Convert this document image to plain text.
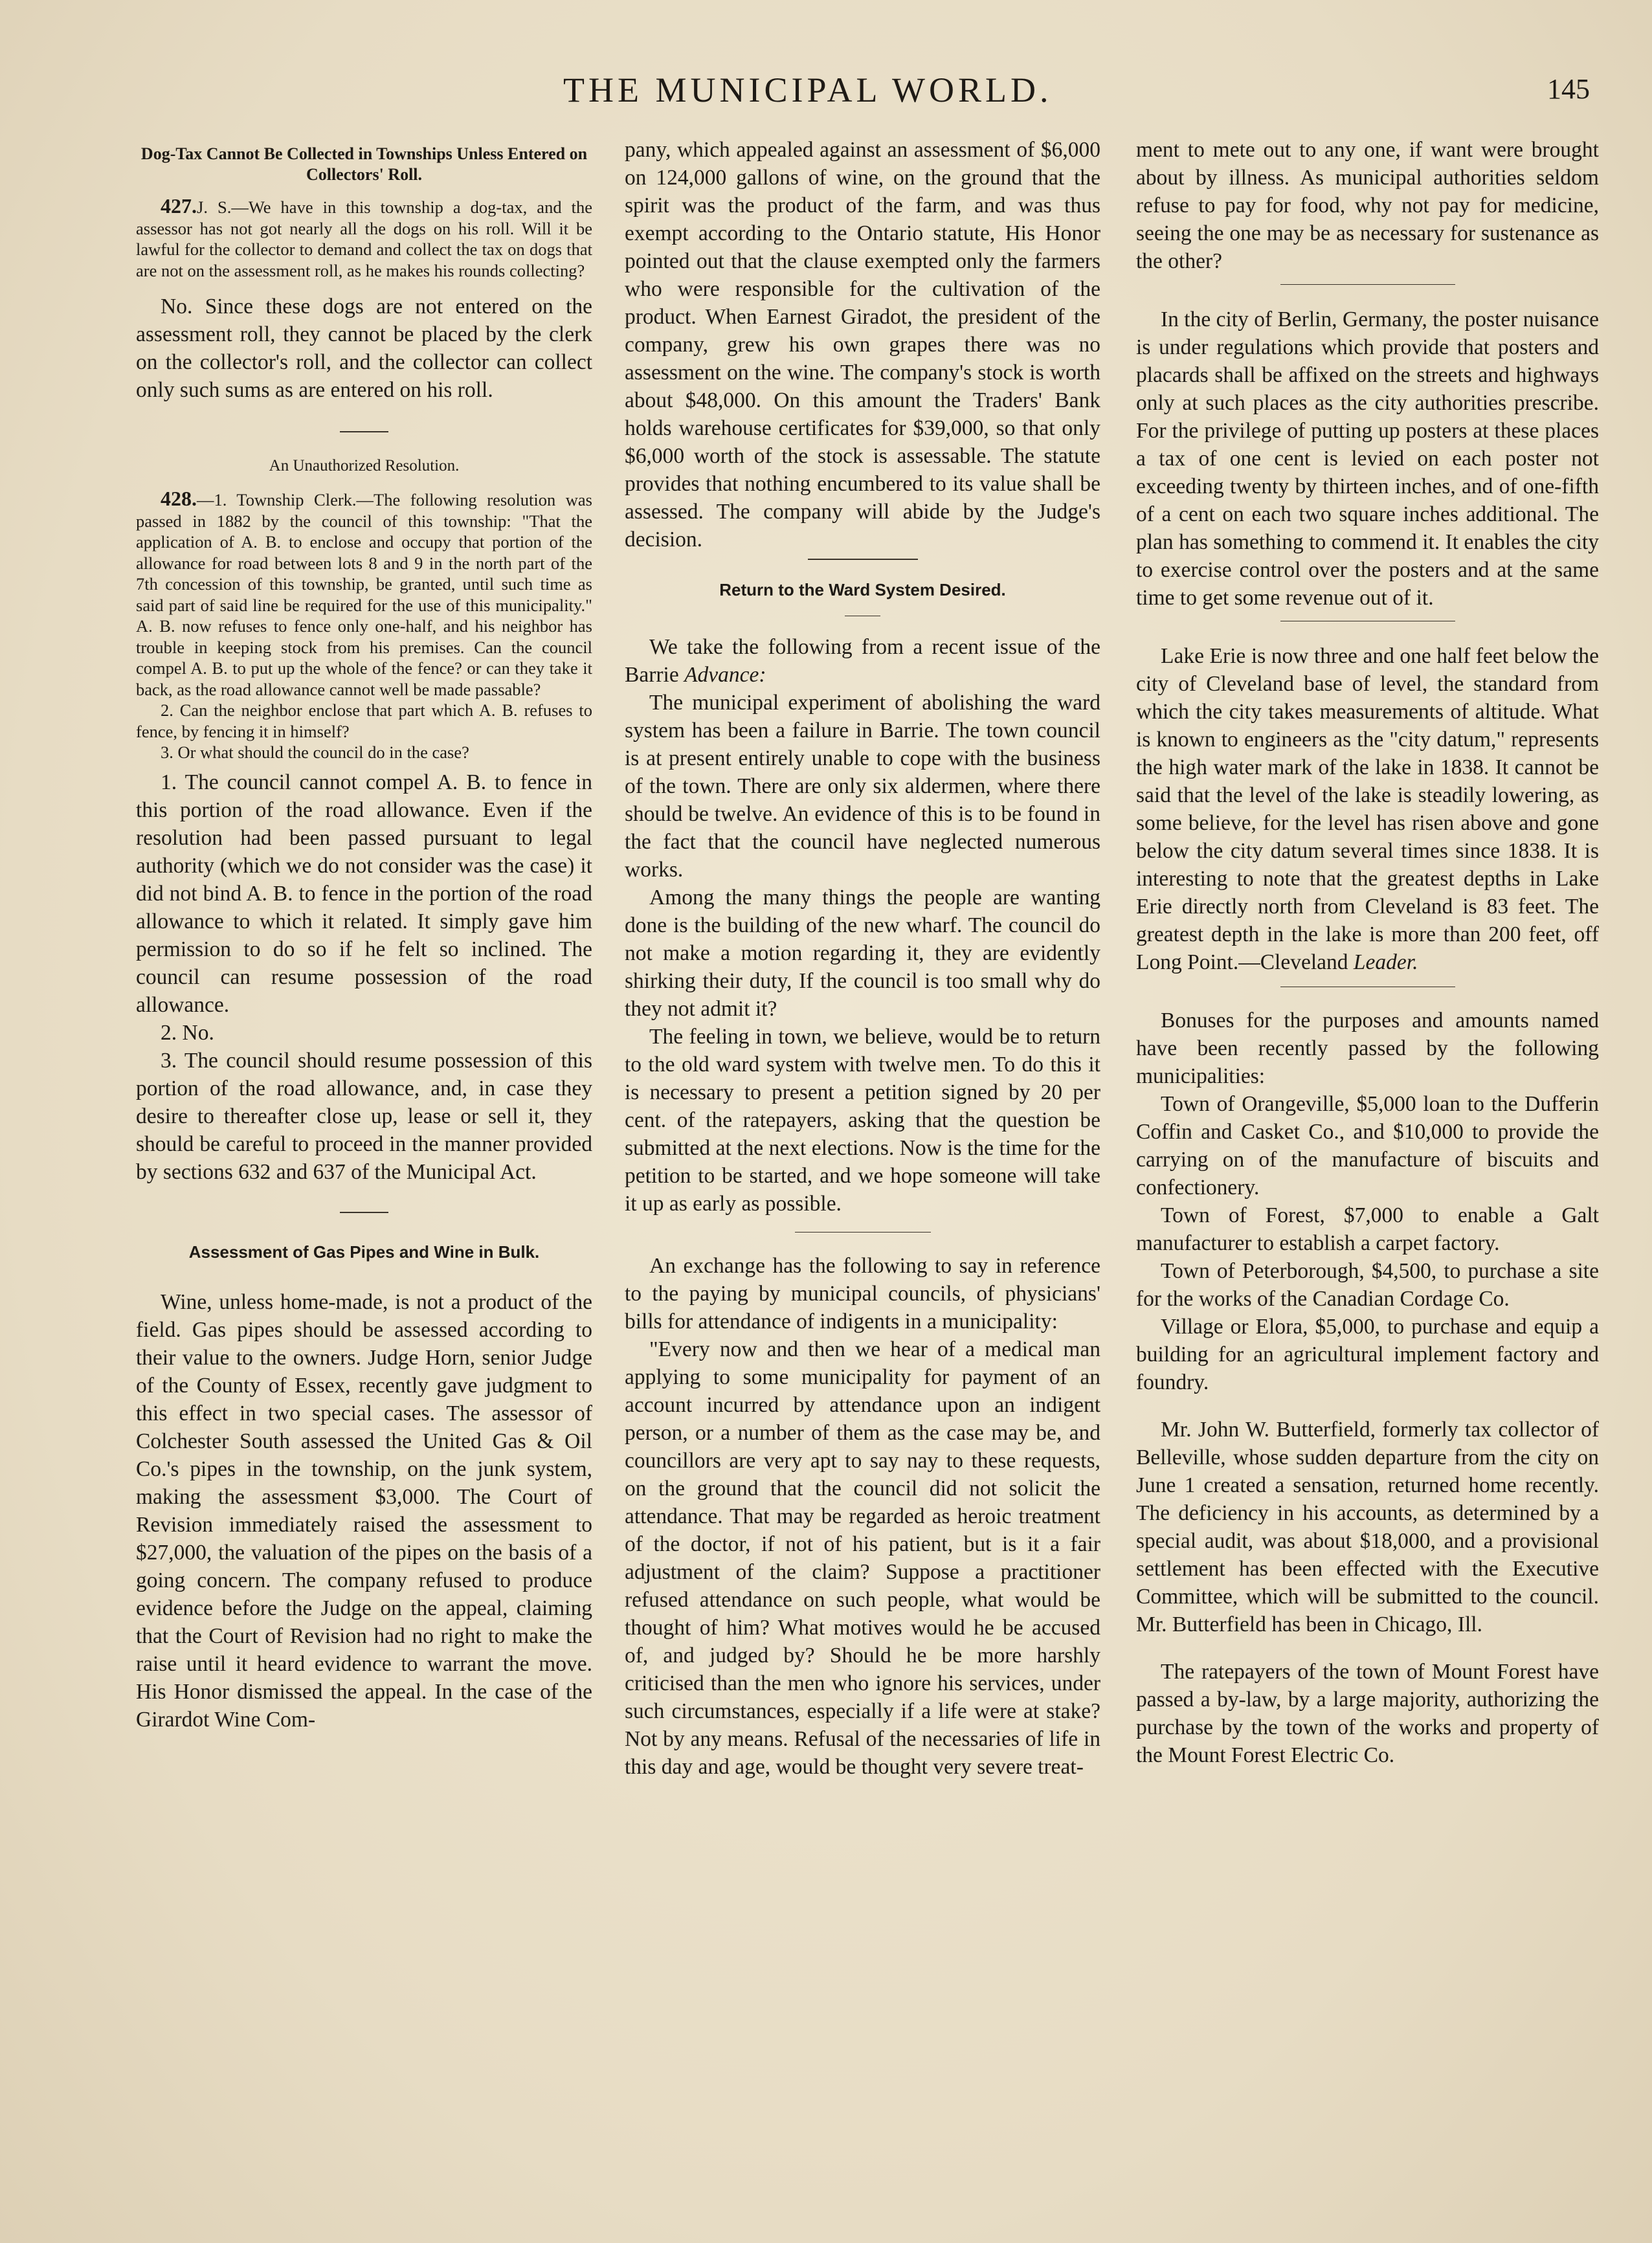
THE MUNICIPAL WORLD.	145

Dog-Tax Cannot Be Collected in Townships Unless Entered on Collectors' Roll.

427.J. S.—We have in this township a dog-tax, and the assessor has not got nearly all the dogs on his roll. Will it be lawful for the collector to demand and collect the tax on dogs that are not on the assessment roll, as he makes his rounds collecting?

No. Since these dogs are not entered on the assessment roll, they cannot be placed by the clerk on the collector's roll, and the collector can collect only such sums as are entered on his roll.

An Unauthorized Resolution.

428.—1. Township Clerk.—The following resolution was passed in 1882 by the council of this township: "That the application of A. B. to enclose and occupy that portion of the allowance for road between lots 8 and 9 in the north part of the 7th concession of this township, be granted, until such time as said part of said line be required for the use of this municipality." A. B. now refuses to fence only one-half, and his neighbor has trouble in keeping stock from his premises. Can the council compel A. B. to put up the whole of the fence? or can they take it back, as the road allowance cannot well be made passable?

2. Can the neighbor enclose that part which A. B. refuses to fence, by fencing it in himself?

3. Or what should the council do in the case?

1. The council cannot compel A. B. to fence in this portion of the road allowance. Even if the resolution had been passed pursuant to legal authority (which we do not consider was the case) it did not bind A. B. to fence in the portion of the road allowance to which it related. It simply gave him permission to do so if he felt so inclined. The council can resume possession of the road allowance.

2. No.

3. The council should resume possession of this portion of the road allowance, and, in case they desire to thereafter close up, lease or sell it, they should be careful to proceed in the manner provided by sections 632 and 637 of the Municipal Act.

Assessment of Gas Pipes and Wine in Bulk.

Wine, unless home-made, is not a product of the field. Gas pipes should be assessed according to their value to the owners. Judge Horn, senior Judge of the County of Essex, recently gave judgment to this effect in two special cases. The assessor of Colchester South assessed the United Gas & Oil Co.'s pipes in the township, on the junk system, making the assessment $3,000. The Court of Revision immediately raised the assessment to $27,000, the valuation of the pipes on the basis of a going concern. The company refused to produce evidence before the Judge on the appeal, claiming that the Court of Revision had no right to make the raise until it heard evidence to warrant the move. His Honor dismissed the appeal. In the case of the Girardot Wine Com-

pany, which appealed against an assessment of $6,000 on 124,000 gallons of wine, on the ground that the spirit was the product of the farm, and was thus exempt according to the Ontario statute, His Honor pointed out that the clause exempted only the farmers who were responsible for the cultivation of the product. When Earnest Giradot, the president of the company, grew his own grapes there was no assessment on the wine. The company's stock is worth about $48,000. On this amount the Traders' Bank holds warehouse certificates for $39,000, so that only $6,000 worth of the stock is assessable. The statute provides that nothing encumbered to its value shall be assessed. The company will abide by the Judge's decision.

Return to the Ward System Desired.

We take the following from a recent issue of the Barrie Advance:

The municipal experiment of abolishing the ward system has been a failure in Barrie. The town council is at present entirely unable to cope with the business of the town. There are only six aldermen, where there should be twelve. An evidence of this is to be found in the fact that the council have neglected numerous works.

Among the many things the people are wanting done is the building of the new wharf. The council do not make a motion regarding it, they are evidently shirking their duty, If the council is too small why do they not admit it?

The feeling in town, we believe, would be to return to the old ward system with twelve men. To do this it is necessary to present a petition signed by 20 per cent. of the ratepayers, asking that the question be submitted at the next elections. Now is the time for the petition to be started, and we hope someone will take it up as early as possible.

An exchange has the following to say in reference to the paying by municipal councils, of physicians' bills for attendance of indigents in a municipality:

"Every now and then we hear of a medical man applying to some municipality for payment of an account incurred by attendance upon an indigent person, or a number of them as the case may be, and councillors are very apt to say nay to these requests, on the ground that the council did not solicit the attendance. That may be regarded as heroic treatment of the doctor, if not of his patient, but is it a fair adjustment of the claim? Suppose a practitioner refused attendance on such people, what would be thought of him? What motives would he be accused of, and judged by? Should he be more harshly criticised than the men who ignore his services, under such circumstances, especially if a life were at stake? Not by any means. Refusal of the necessaries of life in this day and age, would be thought very severe treat-

ment to mete out to any one, if want were brought about by illness. As municipal authorities seldom refuse to pay for food, why not pay for medicine, seeing the one may be as necessary for sustenance as the other?

In the city of Berlin, Germany, the poster nuisance is under regulations which provide that posters and placards shall be affixed on the streets and highways only at such places as the city authorities prescribe. For the privilege of putting up posters at these places a tax of one cent is levied on each poster not exceeding twenty by thirteen inches, and of one-fifth of a cent on each two square inches additional. The plan has something to commend it. It enables the city to exercise control over the posters and at the same time to get some revenue out of it.

Lake Erie is now three and one half feet below the city of Cleveland base of level, the standard from which the city takes measurements of altitude. What is known to engineers as the "city datum," represents the high water mark of the lake in 1838. It cannot be said that the level of the lake is steadily lowering, as some believe, for the level has risen above and gone below the city datum several times since 1838. It is interesting to note that the greatest depths in Lake Erie directly north from Cleveland is 83 feet. The greatest depth in the lake is more than 200 feet, off Long Point.—Cleveland Leader.

Bonuses for the purposes and amounts named have been recently passed by the following municipalities:

Town of Orangeville, $5,000 loan to the Dufferin Coffin and Casket Co., and $10,000 to provide the carrying on of the manufacture of biscuits and confectionery.

Town of Forest, $7,000 to enable a Galt manufacturer to establish a carpet factory.

Town of Peterborough, $4,500, to purchase a site for the works of the Canadian Cordage Co.

Village or Elora, $5,000, to purchase and equip a building for an agricultural implement factory and foundry.

Mr. John W. Butterfield, formerly tax collector of Belleville, whose sudden departure from the city on June 1 created a sensation, returned home recently. The deficiency in his accounts, as determined by a special audit, was about $18,000, and a provisional settlement has been effected with the Executive Committee, which will be submitted to the council. Mr. Butterfield has been in Chicago, Ill.

The ratepayers of the town of Mount Forest have passed a by-law, by a large majority, authorizing the purchase by the town of the works and property of the Mount Forest Electric Co.
